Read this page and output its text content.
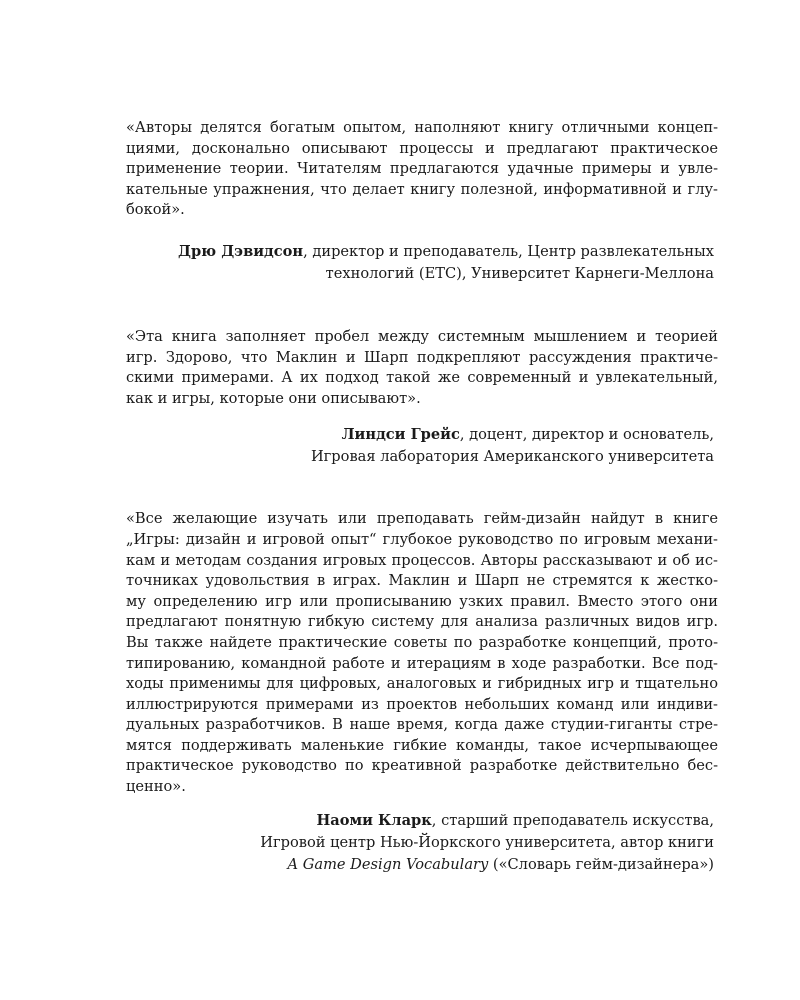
«Авторы делятся богатым опытом, наполняют книгу отличными концеп-
циями, досконально описывают процессы и предлагают практическое
применение теории. Читателям предлагаются удачные примеры и увле-
кательные упражнения, что делает книгу полезной, информативной и глу-
бокой».
Дрю Дэвидсон, директор и преподаватель, Центр развлекательных
технологий (ETC), Университет Карнеги-Меллона
«Эта книга заполняет пробел между системным мышлением и теорией
игр. Здорово, что Маклин и Шарп подкрепляют рассуждения практиче-
скими примерами. А их подход такой же современный и увлекательный,
как и игры, которые они описывают».
Линдси Грейс, доцент, директор и основатель,
Игровая лаборатория Американского университета
«Все желающие изучать или преподавать гейм-дизайн найдут в книге
„Игры: дизайн и игровой опыт“ глубокое руководство по игровым механи-
кам и методам создания игровых процессов. Авторы рассказывают и об ис-
точниках удовольствия в играх. Маклин и Шарп не стремятся к жестко-
му определению игр или прописыванию узких правил. Вместо этого они
предлагают понятную гибкую систему для анализа различных видов игр.
Вы также найдете практические советы по разработке концепций, прото-
типированию, командной работе и итерациям в ходе разработки. Все под-
ходы применимы для цифровых, аналоговых и гибридных игр и тщательно
иллюстрируются примерами из проектов небольших команд или индиви-
дуальных разработчиков. В наше время, когда даже студии-гиганты стре-
мятся поддерживать маленькие гибкие команды, такое исчерпывающее
практическое руководство по креативной разработке действительно бес-
ценно».
Наоми Кларк, старший преподаватель искусства,
Игровой центр Нью-Йоркского университета, автор книги
A Game Design Vocabulary («Словарь гейм-дизайнера»)
